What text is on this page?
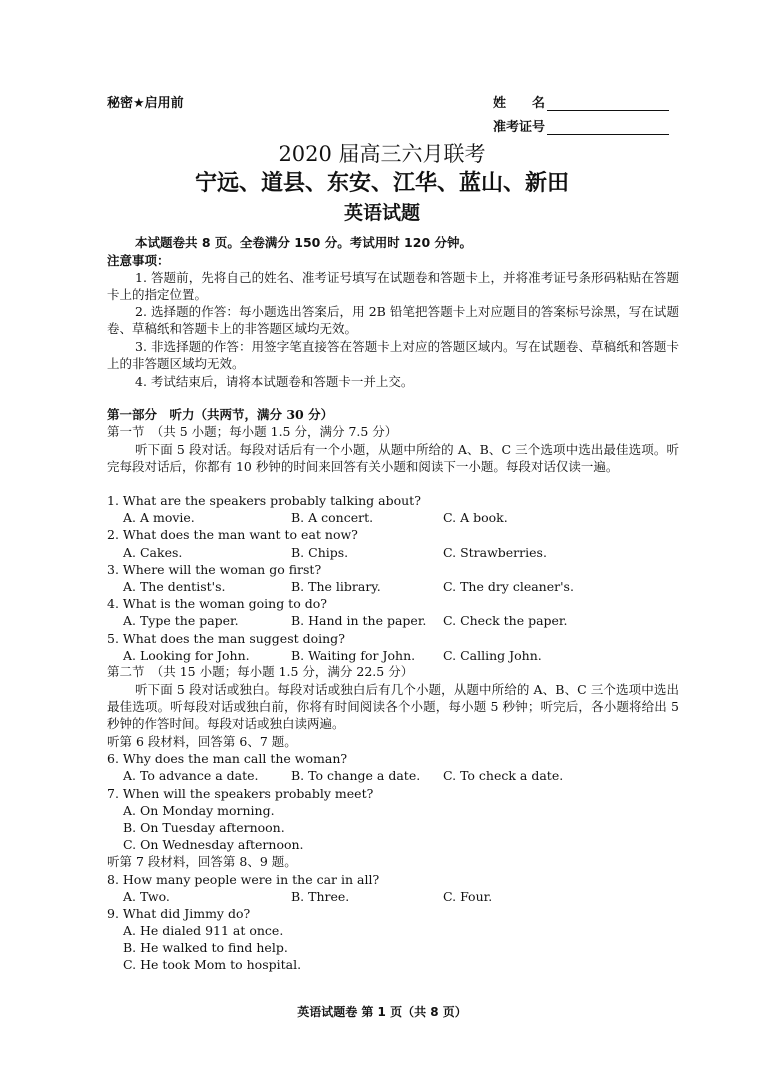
秘密★启用前	姓　　名
准考证号
2020 届高三六月联考
宁远、道县、东安、江华、蓝山、新田
英语试题
本试题卷共 8 页。全卷满分 150 分。考试用时 120 分钟。
注意事项：
1. 答题前，先将自己的姓名、准考证号填写在试题卷和答题卡上，并将准考证号条形码粘贴在答题卡上的指定位置。
2. 选择题的作答：每小题选出答案后，用 2B 铅笔把答题卡上对应题目的答案标号涂黑，写在试题卷、草稿纸和答题卡上的非答题区域均无效。
3. 非选择题的作答：用签字笔直接答在答题卡上对应的答题区域内。写在试题卷、草稿纸和答题卡上的非答题区域均无效。
4. 考试结束后，请将本试题卷和答题卡一并上交。
第一部分　听力（共两节，满分 30 分）
第一节　（共 5 小题；每小题 1.5 分，满分 7.5 分）
听下面 5 段对话。每段对话后有一个小题，从题中所给的 A、B、C 三个选项中选出最佳选项。听完每段对话后，你都有 10 秒钟的时间来回答有关小题和阅读下一小题。每段对话仅读一遍。
1. What are the speakers probably talking about?
A. A movie.	B. A concert.	C. A book.
2. What does the man want to eat now?
A. Cakes.	B. Chips.	C. Strawberries.
3. Where will the woman go first?
A. The dentist's.	B. The library.	C. The dry cleaner's.
4. What is the woman going to do?
A. Type the paper.	B. Hand in the paper. C. Check the paper.
5. What does the man suggest doing?
A. Looking for John.	B. Waiting for John. C. Calling John.
第二节　（共 15 小题；每小题 1.5 分，满分 22.5 分）
听下面 5 段对话或独白。每段对话或独白后有几个小题，从题中所给的 A、B、C 三个选项中选出最佳选项。听每段对话或独白前，你将有时间阅读各个小题，每小题 5 秒钟；听完后，各小题将给出 5 秒钟的作答时间。每段对话或独白读两遍。
听第 6 段材料，回答第 6、7 题。
6. Why does the man call the woman?
A. To advance a date.	B. To change a date. C. To check a date.
7. When will the speakers probably meet?
A. On Monday morning.
B. On Tuesday afternoon.
C. On Wednesday afternoon.
听第 7 段材料，回答第 8、9 题。
8. How many people were in the car in all?
A. Two.	B. Three.	C. Four.
9. What did Jimmy do?
A. He dialed 911 at once.
B. He walked to find help.
C. He took Mom to hospital.
英语试题卷 第 1 页（共 8 页）
